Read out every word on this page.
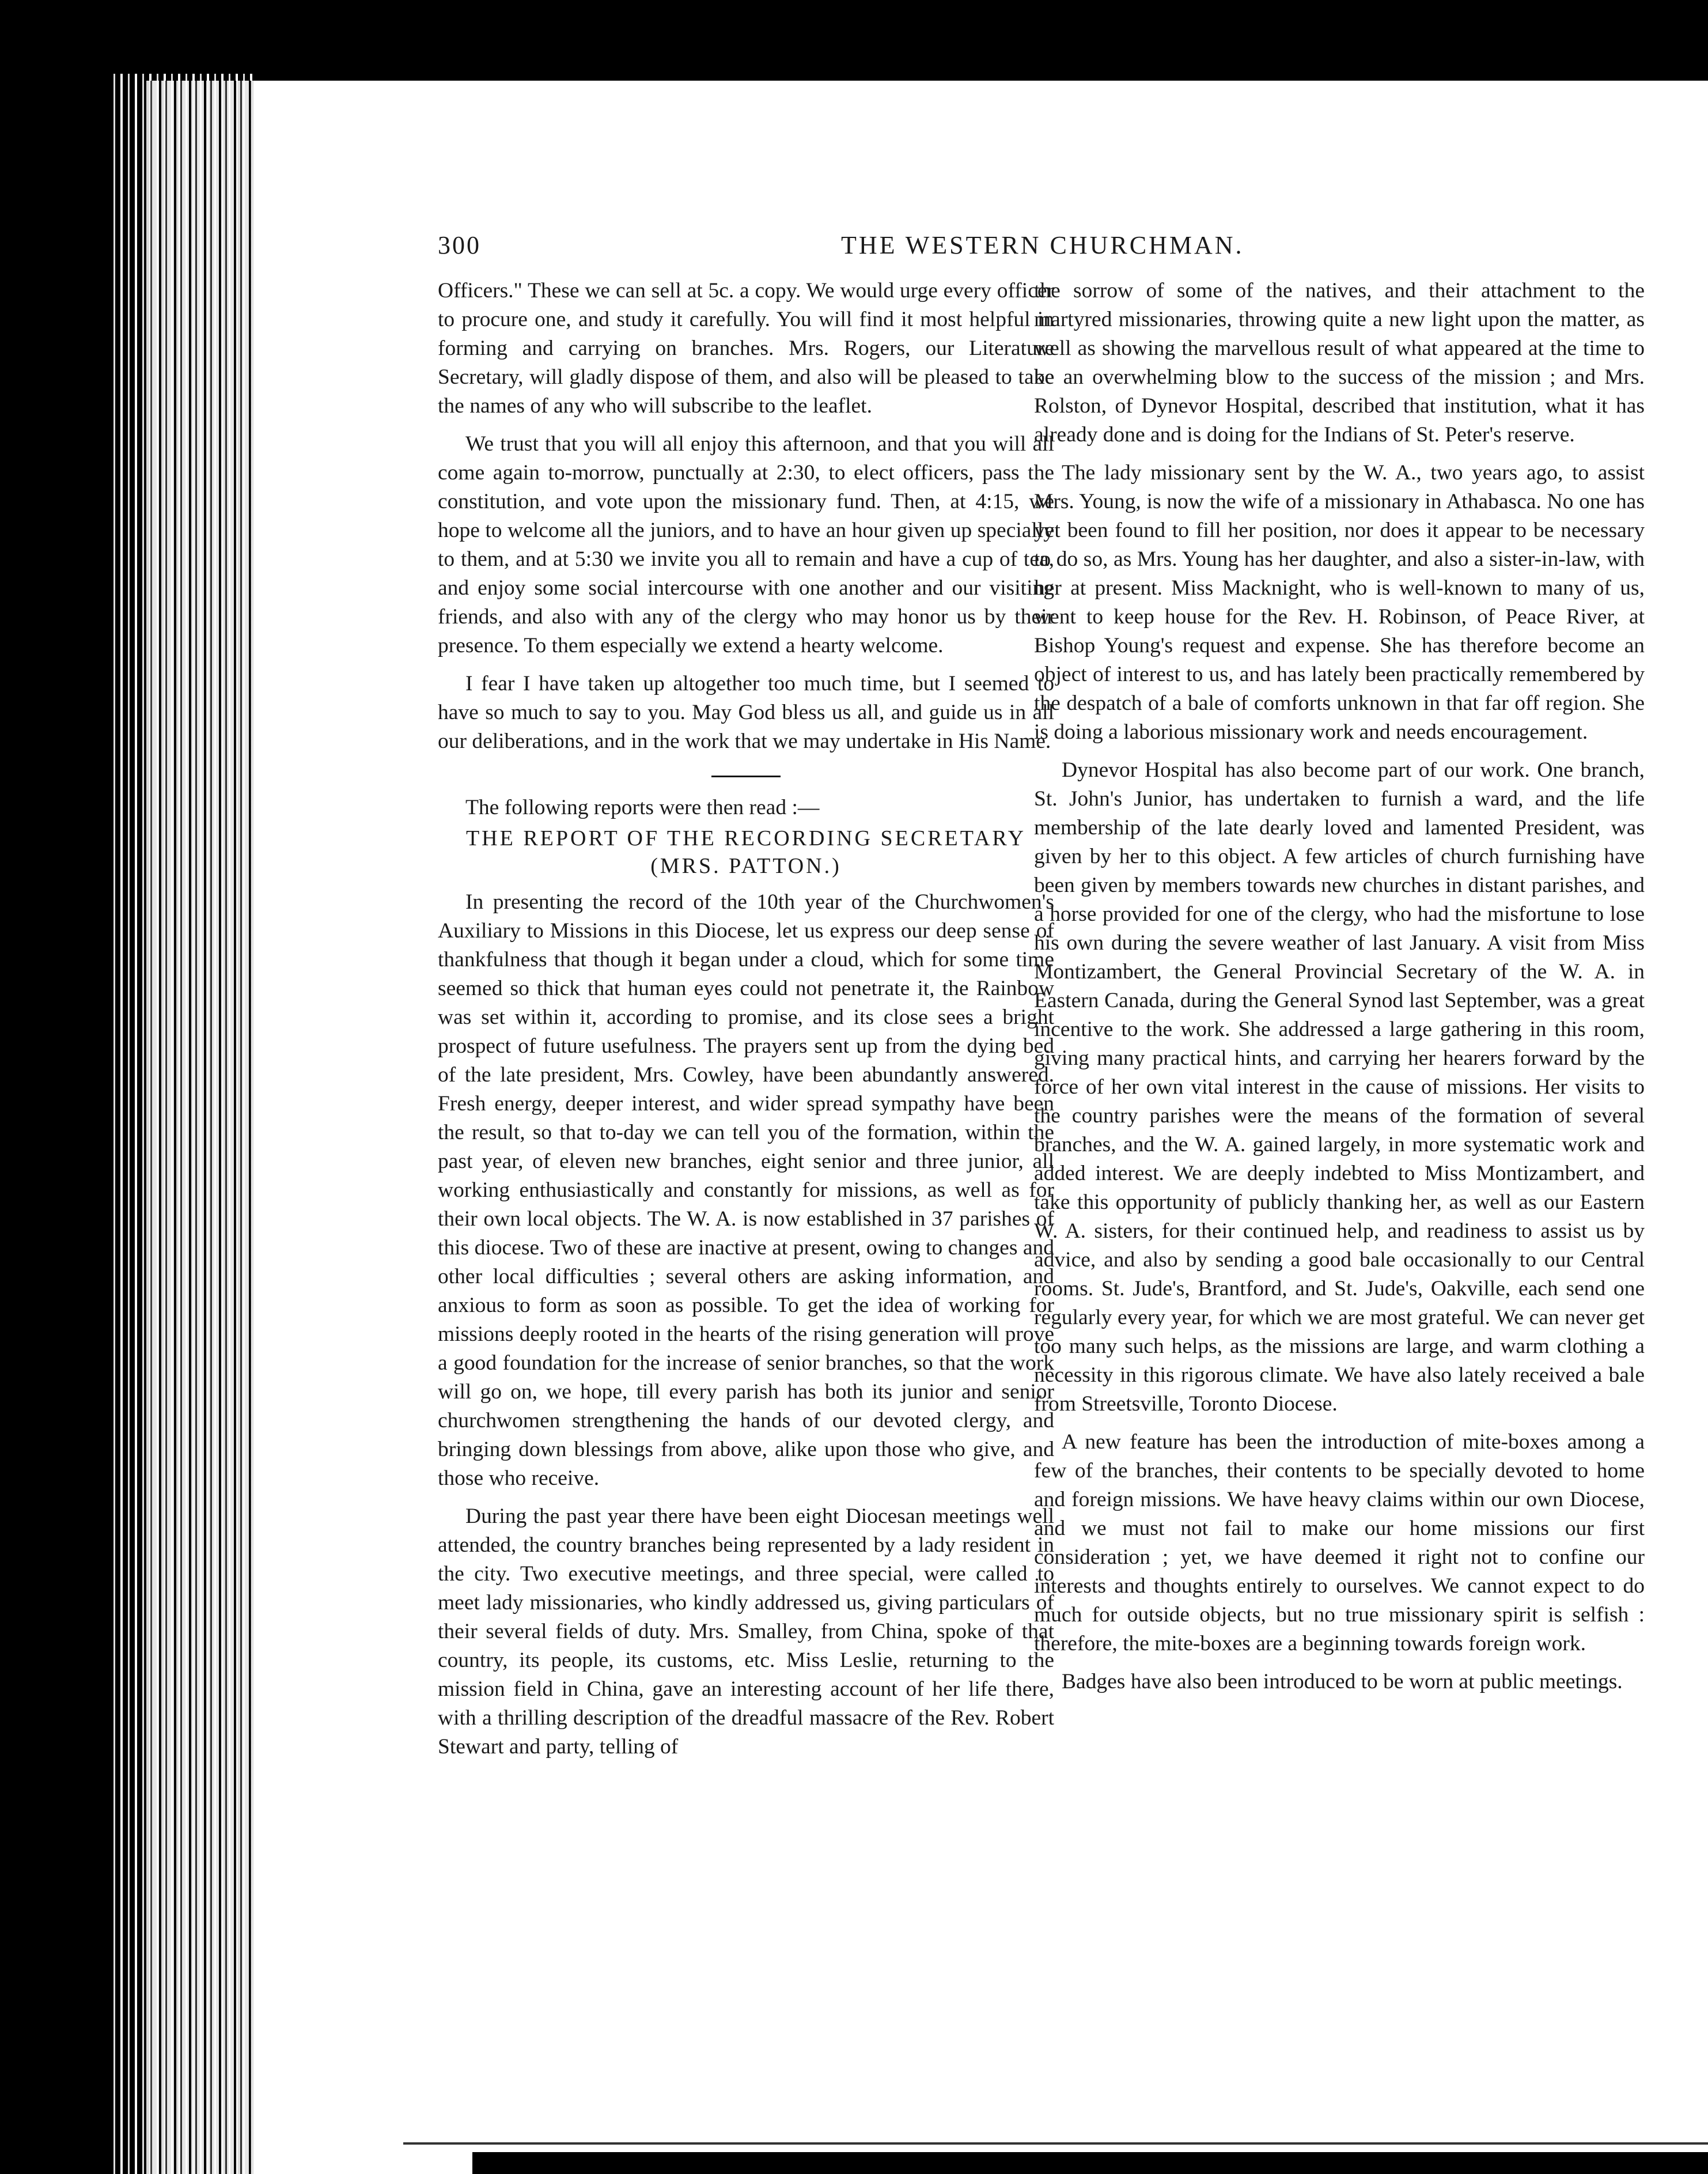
300	THE WESTERN CHURCHMAN.

Officers." These we can sell at 5c. a copy. We would urge every officer to procure one, and study it carefully. You will find it most helpful in forming and carrying on branches. Mrs. Rogers, our Literature Secretary, will gladly dispose of them, and also will be pleased to take the names of any who will subscribe to the leaflet.

We trust that you will all enjoy this afternoon, and that you will all come again to-morrow, punctually at 2:30, to elect officers, pass the constitution, and vote upon the missionary fund. Then, at 4:15, we hope to welcome all the juniors, and to have an hour given up specially to them, and at 5:30 we invite you all to remain and have a cup of tea, and enjoy some social intercourse with one another and our visiting friends, and also with any of the clergy who may honor us by their presence. To them especially we extend a hearty welcome.

I fear I have taken up altogether too much time, but I seemed to have so much to say to you. May God bless us all, and guide us in all our deliberations, and in the work that we may undertake in His Name.

The following reports were then read :—

THE REPORT OF THE RECORDING SECRETARY (MRS. PATTON.)

In presenting the record of the 10th year of the Churchwomen's Auxiliary to Missions in this Diocese, let us express our deep sense of thankfulness that though it began under a cloud, which for some time seemed so thick that human eyes could not penetrate it, the Rainbow was set within it, according to promise, and its close sees a bright prospect of future usefulness. The prayers sent up from the dying bed of the late president, Mrs. Cowley, have been abundantly answered. Fresh energy, deeper interest, and wider spread sympathy have been the result, so that to-day we can tell you of the formation, within the past year, of eleven new branches, eight senior and three junior, all working enthusiastically and constantly for missions, as well as for their own local objects. The W. A. is now established in 37 parishes of this diocese. Two of these are inactive at present, owing to changes and other local difficulties ; several others are asking information, and anxious to form as soon as possible. To get the idea of working for missions deeply rooted in the hearts of the rising generation will prove a good foundation for the increase of senior branches, so that the work will go on, we hope, till every parish has both its junior and senior churchwomen strengthening the hands of our devoted clergy, and bringing down blessings from above, alike upon those who give, and those who receive.

During the past year there have been eight Diocesan meetings well attended, the country branches being represented by a lady resident in the city. Two executive meetings, and three special, were called to meet lady missionaries, who kindly addressed us, giving particulars of their several fields of duty. Mrs. Smalley, from China, spoke of that country, its people, its customs, etc. Miss Leslie, returning to the mission field in China, gave an interesting account of her life there, with a thrilling description of the dreadful massacre of the Rev. Robert Stewart and party, telling of

the sorrow of some of the natives, and their attachment to the martyred missionaries, throwing quite a new light upon the matter, as well as showing the marvellous result of what appeared at the time to be an overwhelming blow to the success of the mission ; and Mrs. Rolston, of Dynevor Hospital, described that institution, what it has already done and is doing for the Indians of St. Peter's reserve.

The lady missionary sent by the W. A., two years ago, to assist Mrs. Young, is now the wife of a missionary in Athabasca. No one has yet been found to fill her position, nor does it appear to be necessary to do so, as Mrs. Young has her daughter, and also a sister-in-law, with her at present. Miss Macknight, who is well-known to many of us, went to keep house for the Rev. H. Robinson, of Peace River, at Bishop Young's request and expense. She has therefore become an object of interest to us, and has lately been practically remembered by the despatch of a bale of comforts unknown in that far off region. She is doing a laborious missionary work and needs encouragement.

Dynevor Hospital has also become part of our work. One branch, St. John's Junior, has undertaken to furnish a ward, and the life membership of the late dearly loved and lamented President, was given by her to this object. A few articles of church furnishing have been given by members towards new churches in distant parishes, and a horse provided for one of the clergy, who had the misfortune to lose his own during the severe weather of last January. A visit from Miss Montizambert, the General Provincial Secretary of the W. A. in Eastern Canada, during the General Synod last September, was a great incentive to the work. She addressed a large gathering in this room, giving many practical hints, and carrying her hearers forward by the force of her own vital interest in the cause of missions. Her visits to the country parishes were the means of the formation of several branches, and the W. A. gained largely, in more systematic work and added interest. We are deeply indebted to Miss Montizambert, and take this opportunity of publicly thanking her, as well as our Eastern W. A. sisters, for their continued help, and readiness to assist us by advice, and also by sending a good bale occasionally to our Central rooms. St. Jude's, Brantford, and St. Jude's, Oakville, each send one regularly every year, for which we are most grateful. We can never get too many such helps, as the missions are large, and warm clothing a necessity in this rigorous climate. We have also lately received a bale from Streetsville, Toronto Diocese.

A new feature has been the introduction of mite-boxes among a few of the branches, their contents to be specially devoted to home and foreign missions. We have heavy claims within our own Diocese, and we must not fail to make our home missions our first consideration ; yet, we have deemed it right not to confine our interests and thoughts entirely to ourselves. We cannot expect to do much for outside objects, but no true missionary spirit is selfish : therefore, the mite-boxes are a beginning towards foreign work.

Badges have also been introduced to be worn at public meetings.
